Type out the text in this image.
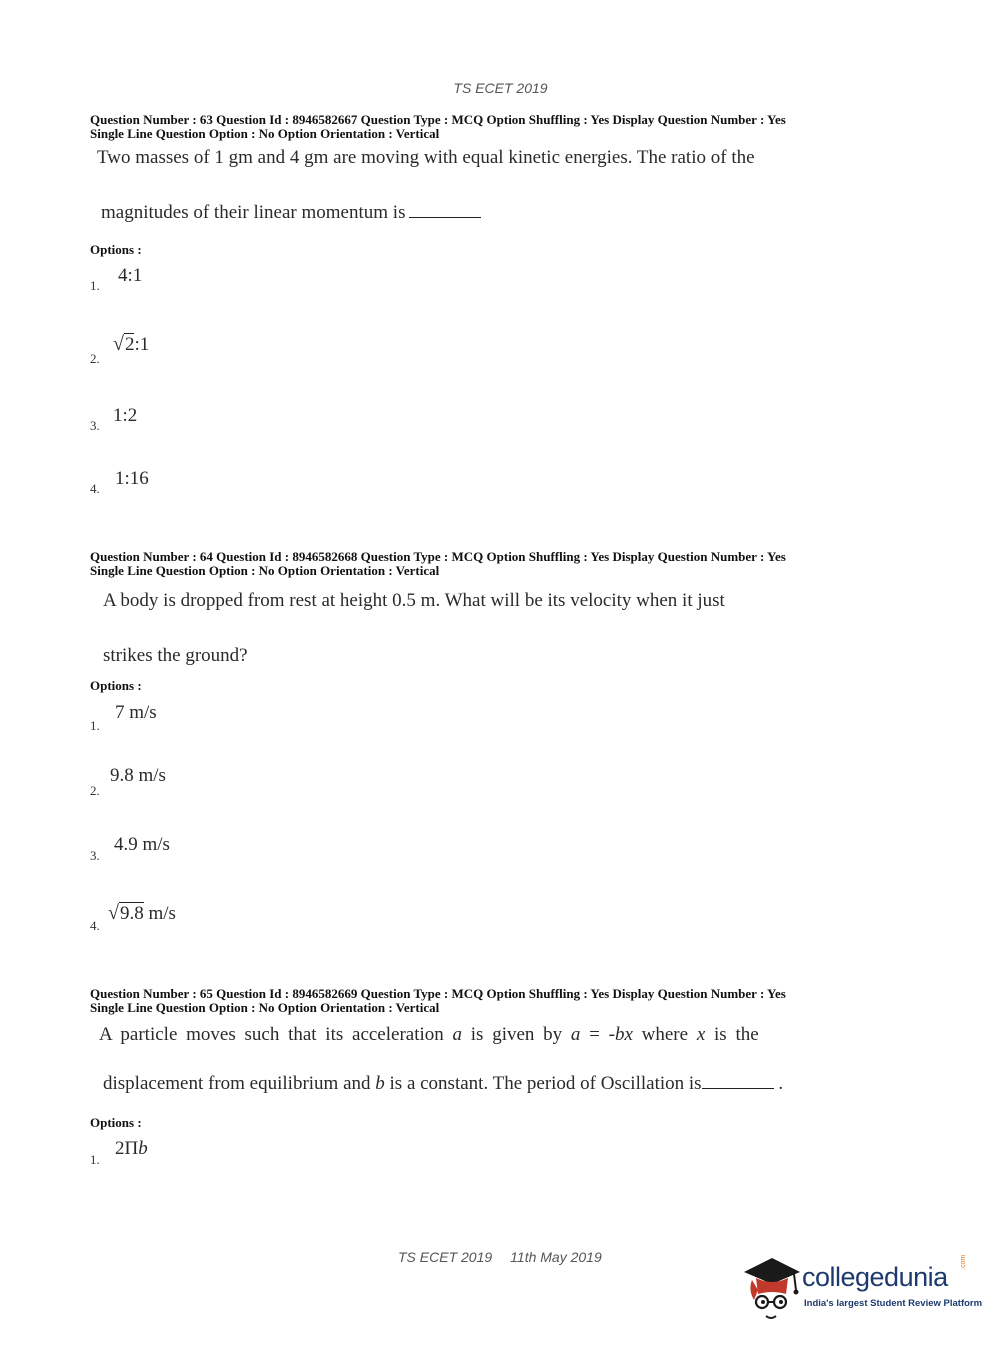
TS ECET 2019
Question Number : 63 Question Id : 8946582667 Question Type : MCQ Option Shuffling : Yes Display Question Number : Yes
Single Line Question Option : No Option Orientation : Vertical
Two masses of 1 gm and 4 gm are moving with equal kinetic energies. The ratio of the
magnitudes of their linear momentum is
Options :
1. 4:1
2.
√2:1
3. 1:2
4. 1:16
Question Number : 64 Question Id : 8946582668 Question Type : MCQ Option Shuffling : Yes Display Question Number : Yes
Single Line Question Option : No Option Orientation : Vertical
A body is dropped from rest at height 0.5 m. What will be its velocity when it just
strikes the ground?
Options :
1.
7 m/s
2.
9.8 m/s
3.
4.9 m/s
4.
√9.8 m/s
Question Number : 65 Question Id : 8946582669 Question Type : MCQ Option Shuffling : Yes Display Question Number : Yes
Single Line Question Option : No Option Orientation : Vertical
A particle moves such that its acceleration a is given by a = -bx where x is the
displacement from equilibrium and b is a constant. The period of Oscillation is	.
Options :
1.
2Πb
TS ECET 2019 11th May 2019
collegedunia .com
India's largest Student Review Platform
